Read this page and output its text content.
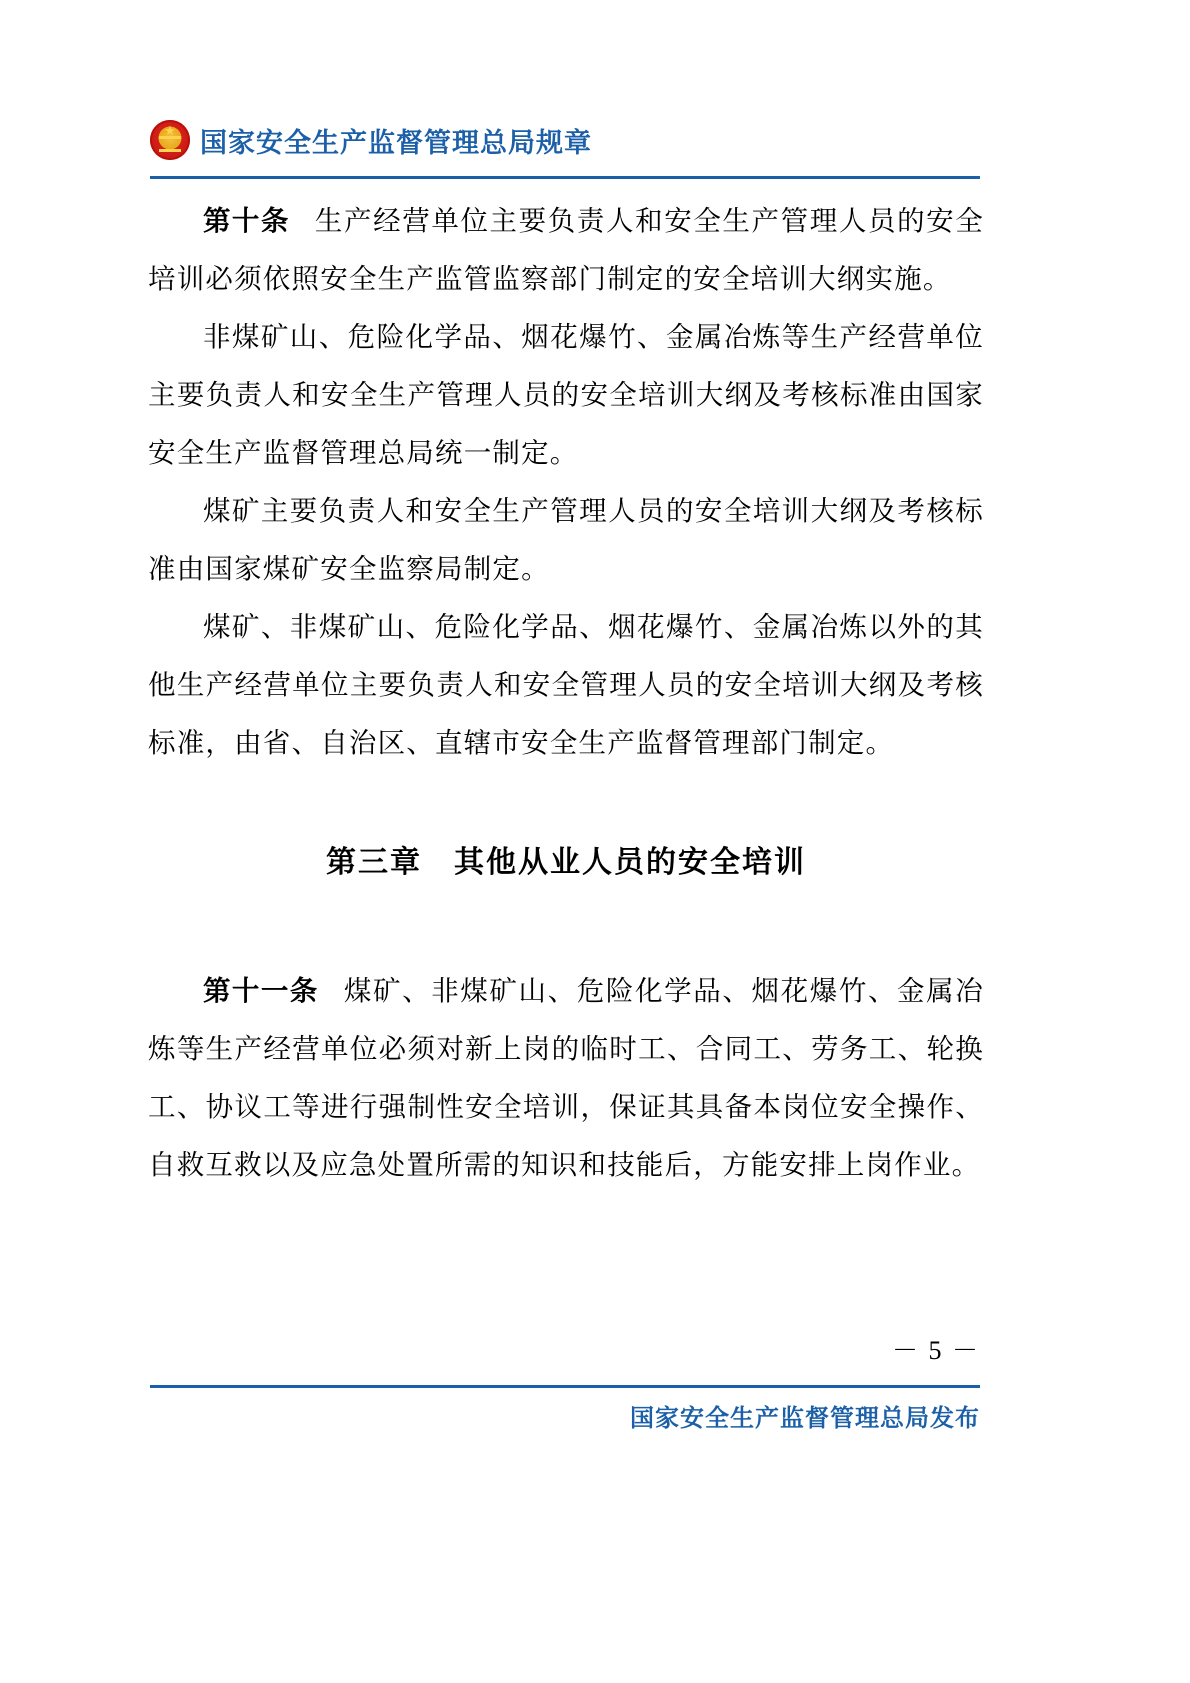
★
国家安全生产监督管理总局规章

第十条 生产经营单位主要负责人和安全生产管理人员的安全培训必须依照安全生产监管监察部门制定的安全培训大纲实施。

非煤矿山、危险化学品、烟花爆竹、金属冶炼等生产经营单位主要负责人和安全生产管理人员的安全培训大纲及考核标准由国家安全生产监督管理总局统一制定。

煤矿主要负责人和安全生产管理人员的安全培训大纲及考核标准由国家煤矿安全监察局制定。

煤矿、非煤矿山、危险化学品、烟花爆竹、金属冶炼以外的其他生产经营单位主要负责人和安全管理人员的安全培训大纲及考核标准，由省、自治区、直辖市安全生产监督管理部门制定。

第三章　其他从业人员的安全培训

第十一条 煤矿、非煤矿山、危险化学品、烟花爆竹、金属冶炼等生产经营单位必须对新上岗的临时工、合同工、劳务工、轮换工、协议工等进行强制性安全培训，保证其具备本岗位安全操作、自救互救以及应急处置所需的知识和技能后，方能安排上岗作业。

－ 5 －
国家安全生产监督管理总局发布
